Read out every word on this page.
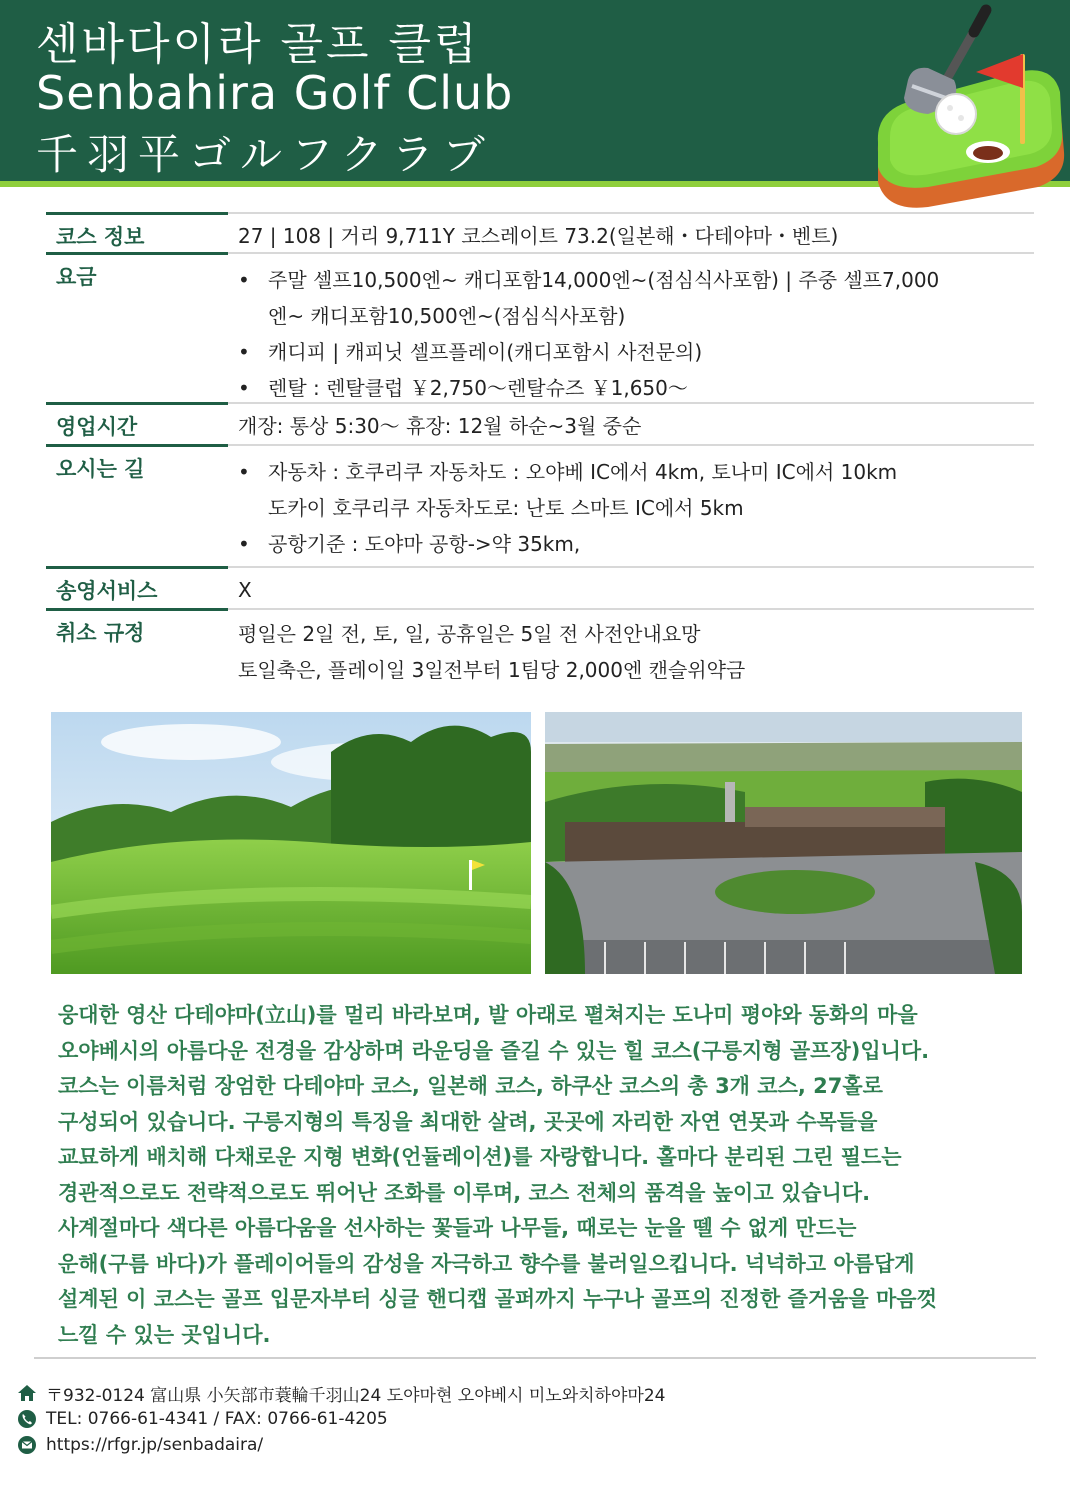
센바다이라 골프 클럽
Senbahira Golf Club
千羽平ゴルフクラブ
코스 정보	27 | 108 | 거리 9,711Y 코스레이트 73.2(일본해・다테야마・벤트)
요금	• 주말 셀프10,500엔~ 캐디포함14,000엔~(점심식사포함) | 주중 셀프7,000
엔~ 캐디포함10,500엔~(점심식사포함)
• 캐디피 | 캐피닛 셀프플레이(캐디포함시 사전문의)
• 렌탈 : 렌탈클럽 ￥2,750～렌탈슈즈 ￥1,650～
영업시간	개장: 통상 5:30～ 휴장: 12월 하순~3월 중순
오시는 길	• 자동차 : 호쿠리쿠 자동차도 : 오야베 IC에서 4km, 토나미 IC에서 10km
도카이 호쿠리쿠 자동차도로: 난토 스마트 IC에서 5km
• 공항기준 : 도야마 공항->약 35km,
송영서비스	X
취소 규정	평일은 2일 전, 토, 일, 공휴일은 5일 전 사전안내요망
토일축은, 플레이일 3일전부터 1팀당 2,000엔 캔슬위약금

웅대한 영산 다테야마(立山)를 멀리 바라보며, 발 아래로 펼쳐지는 도나미 평야와 동화의 마을

오야베시의 아름다운 전경을 감상하며 라운딩을 즐길 수 있는 힐 코스(구릉지형 골프장)입니다.

코스는 이름처럼 장엄한 다테야마 코스, 일본해 코스, 하쿠산 코스의 총 3개 코스, 27홀로

구성되어 있습니다. 구릉지형의 특징을 최대한 살려, 곳곳에 자리한 자연 연못과 수목들을

교묘하게 배치해 다채로운 지형 변화(언듈레이션)를 자랑합니다. 홀마다 분리된 그린 필드는

경관적으로도 전략적으로도 뛰어난 조화를 이루며, 코스 전체의 품격을 높이고 있습니다.

사계절마다 색다른 아름다움을 선사하는 꽃들과 나무들, 때로는 눈을 뗄 수 없게 만드는

운해(구름 바다)가 플레이어들의 감성을 자극하고 향수를 불러일으킵니다. 넉넉하고 아름답게

설계된 이 코스는 골프 입문자부터 싱글 핸디캡 골퍼까지 누구나 골프의 진정한 즐거움을 마음껏

느낄 수 있는 곳입니다.

〒932-0124 富山県 小矢部市蓑輪千羽山24 도야마현 오야베시 미노와치하야마24
TEL: 0766-61-4341 / FAX: 0766-61-4205
https://rfgr.jp/senbadaira/
